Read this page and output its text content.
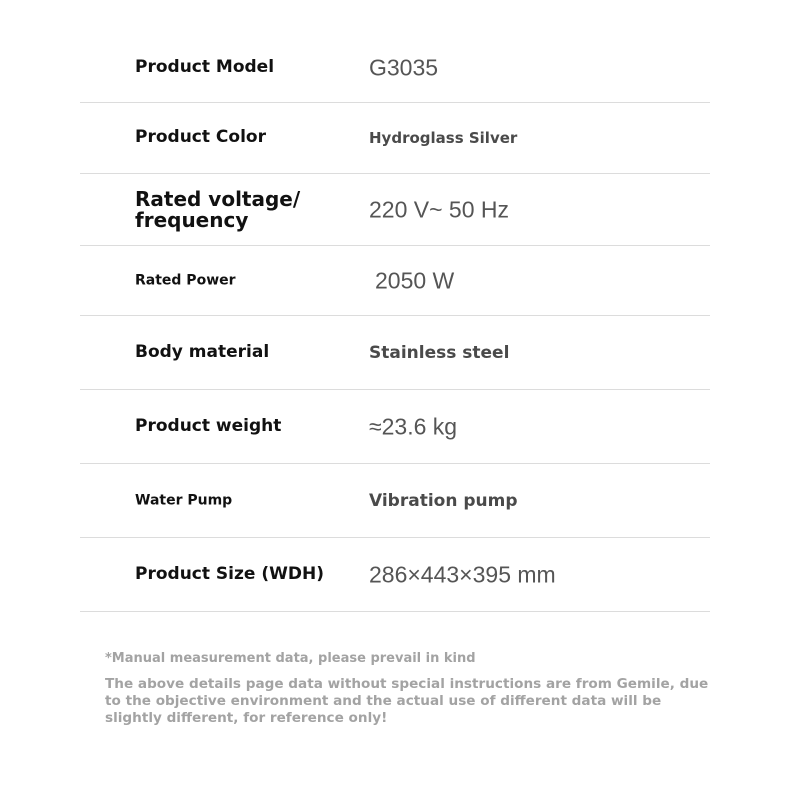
Product Model	G3035
Product Color	Hydroglass Silver
Rated voltage/ frequency	220 V~ 50 Hz
Rated Power	2050 W
Body material	Stainless steel
Product weight	≈23.6 kg
Water Pump	Vibration pump
Product Size (WDH)	286×443×395 mm
*Manual measurement data, please prevail in kind
The above details page data without special instructions are from Gemile, due to the objective environment and the actual use of different data will be slightly different, for reference only!
